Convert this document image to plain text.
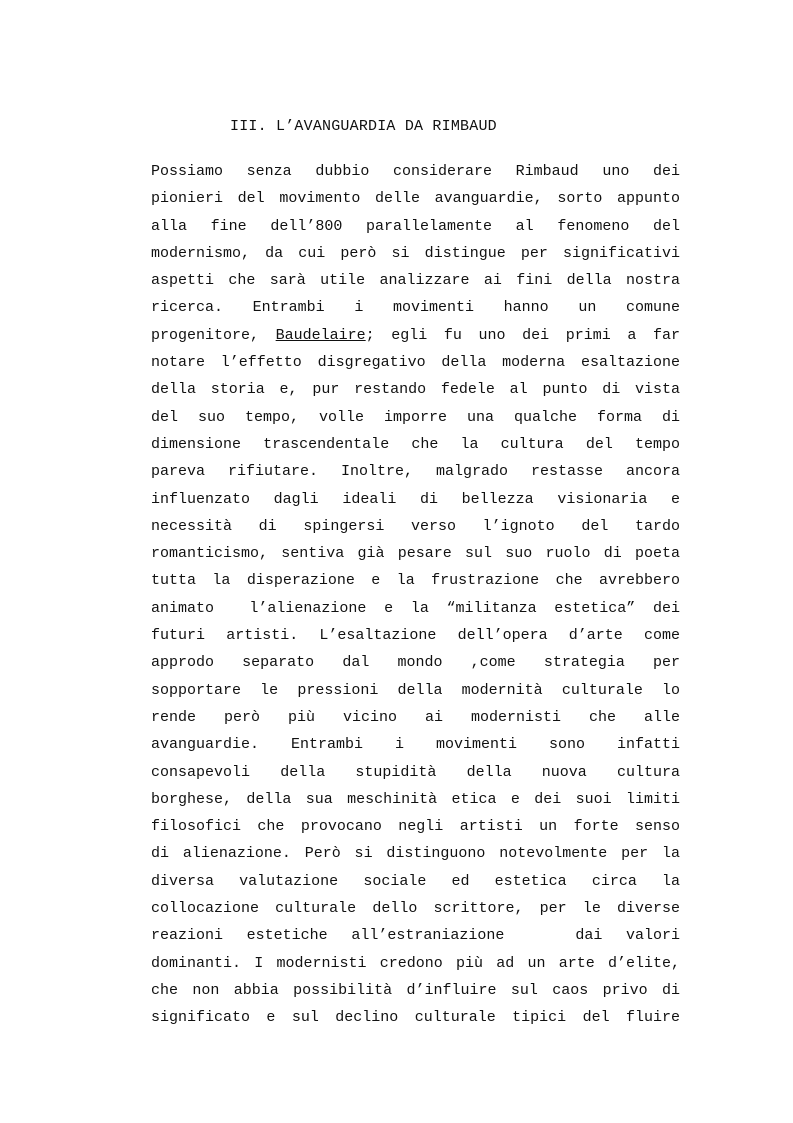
III. L’AVANGUARDIA DA RIMBAUD
Possiamo senza dubbio considerare Rimbaud uno dei
pionieri del movimento delle avanguardie, sorto appunto
alla fine dell’800 parallelamente al fenomeno del
modernismo, da cui però si distingue per significativi
aspetti che sarà utile analizzare ai fini della nostra
ricerca. Entrambi i movimenti hanno un comune
progenitore, Baudelaire; egli fu uno dei primi a far
notare l’effetto disgregativo della moderna esaltazione
della storia e, pur restando fedele al punto di vista
del suo tempo, volle imporre una qualche forma di
dimensione trascendentale che la cultura del tempo
pareva rifiutare. Inoltre, malgrado restasse ancora
influenzato dagli ideali di bellezza visionaria e
necessità di spingersi verso l’ignoto del tardo
romanticismo, sentiva già pesare sul suo ruolo di poeta
tutta la disperazione e la frustrazione che avrebbero
animato  l’alienazione e la “militanza estetica” dei
futuri artisti. L’esaltazione dell’opera d’arte come
approdo separato dal mondo ,come strategia per
sopportare le pressioni della modernità culturale lo
rende però più vicino ai modernisti che alle
avanguardie. Entrambi i movimenti sono infatti
consapevoli della stupidità della nuova cultura
borghese, della sua meschinità etica e dei suoi limiti
filosofici che provocano negli artisti un forte senso
di alienazione. Però si distinguono notevolmente per la
diversa valutazione sociale ed estetica circa la
collocazione culturale dello scrittore, per le diverse
reazioni estetiche all’estraniazione   dai valori
dominanti. I modernisti credono più ad un arte d’elite,
che non abbia possibilità d’influire sul caos privo di
significato e sul declino culturale tipici del fluire
